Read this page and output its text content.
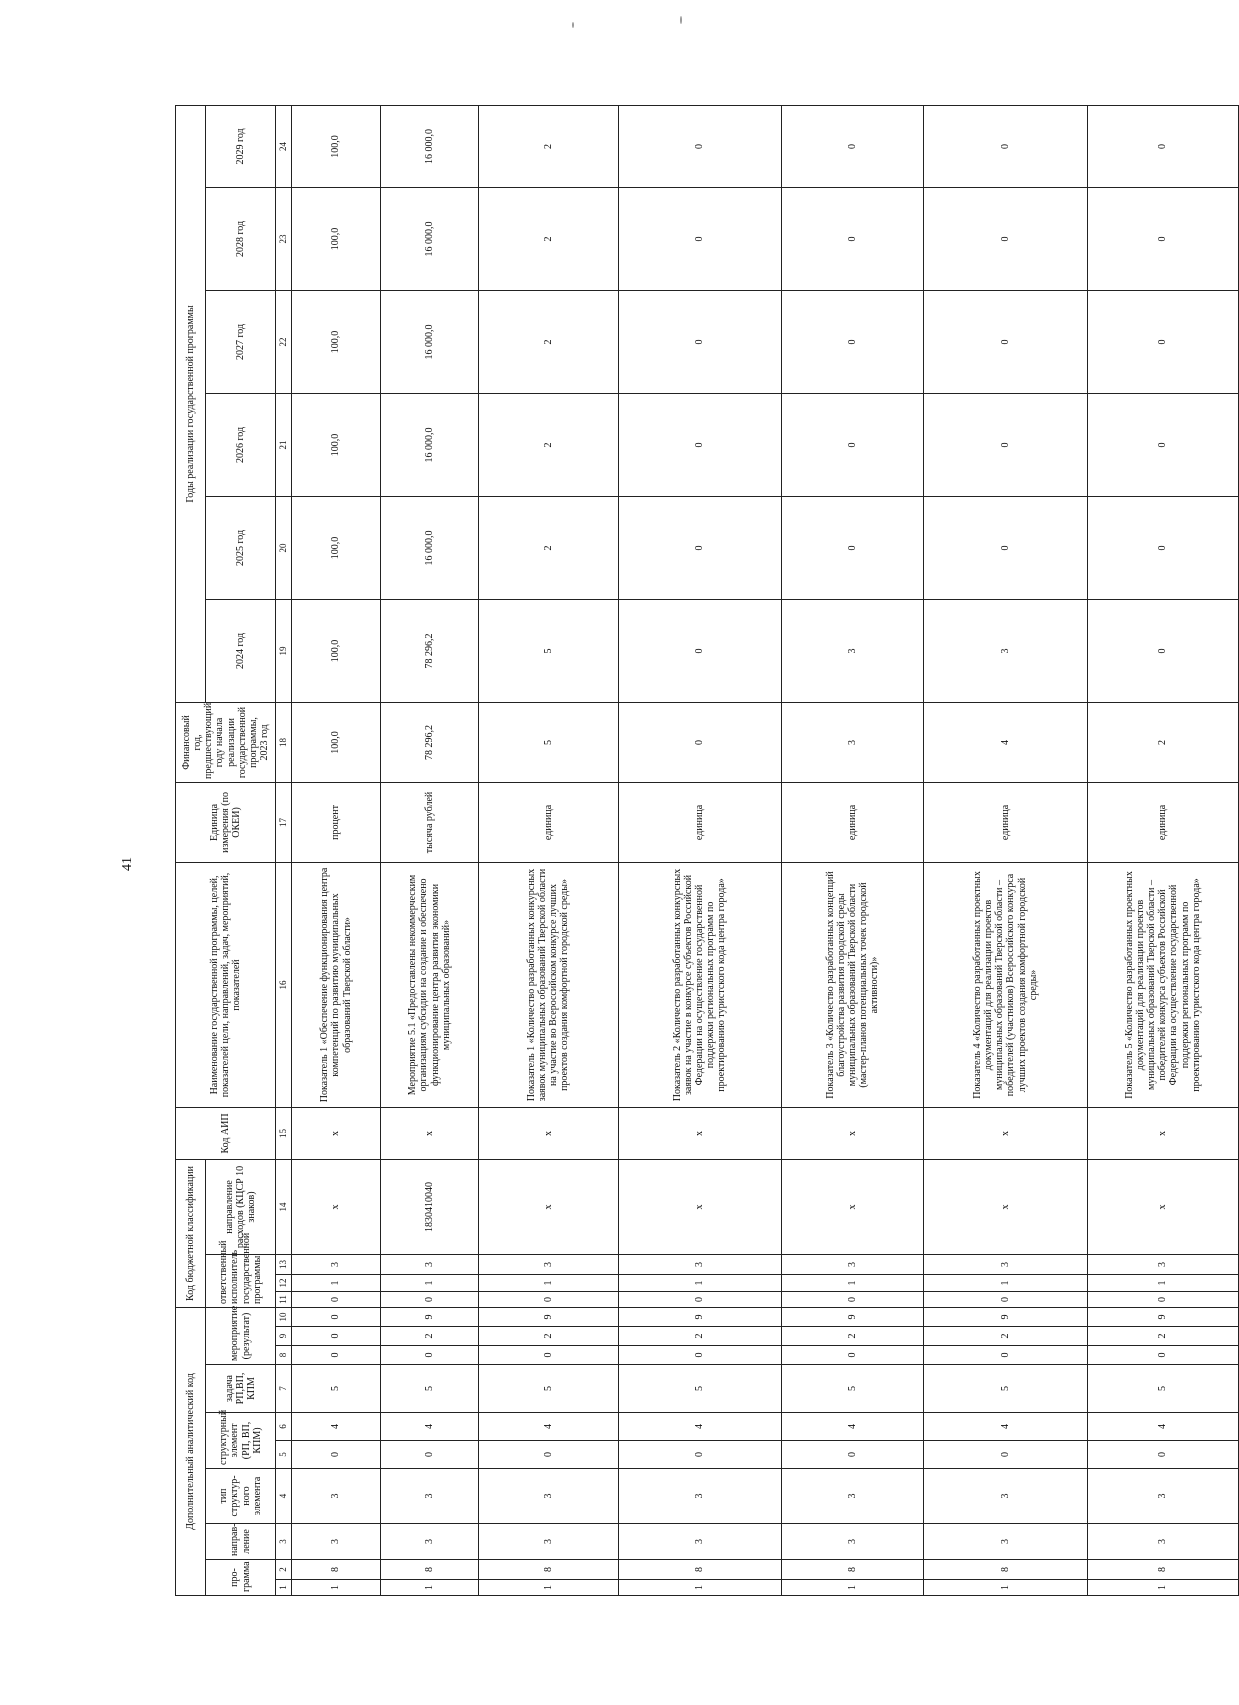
41
Дополнительный аналитический код										Код бюджетной классификации				Код АИП	Наименование государственной программы, целей, показателей цели, направлений, задач, мероприятий, показателей	Единица измерения (по ОКЕИ)	Финансовый год, предшествующий году начала реализации государственной программы, 2023 год	Годы реализации государственной программы					
про-грамма		направ-ление	тип структур-ного элемента	структурный элемент (РП, ВП, КПМ)		задача РП,ВП, КПМ	мероприятие (результат)			ответственный исполнитель государственной программы			направление расходов (КЦСР 10 знаков)					2024 год	2025 год	2026 год	2027 год	2028 год	2029 год
1	2	3	4	5	6	7	8	9	10	11	12	13	14	15	16	17	18	19	20	21	22	23	24
1	8	3	3	0	4	5	0	0	0	0	1	3	х	х	Показатель 1 «Обеспечение функционирования центра компетенций по развитию муниципальных образований Тверской области»	процент	100,0	100,0	100,0	100,0	100,0	100,0	100,0
1	8	3	3	0	4	5	0	2	9	0	1	3	1830410040	х	Мероприятие 5.1 «Предоставлены некоммерческим организациям субсидии на создание и обеспечено функционирование центра развития экономики муниципальных образований»	тысяча рублей	78 296,2	78 296,2	16 000,0	16 000,0	16 000,0	16 000,0	16 000,0
1	8	3	3	0	4	5	0	2	9	0	1	3	х	х	Показатель 1 «Количество разработанных конкурсных заявок муниципальных образований Тверской области на участие во Всероссийском конкурсе лучших проектов создания комфортной городской среды»	единица	5	5	2	2	2	2	2
1	8	3	3	0	4	5	0	2	9	0	1	3	х	х	Показатель 2 «Количество разработанных конкурсных заявок на участие в конкурсе субъектов Российской Федерации на осуществление государственной поддержки региональных программ по проектированию туристского кода центра города»	единица	0	0	0	0	0	0	0
1	8	3	3	0	4	5	0	2	9	0	1	3	х	х	Показатель 3 «Количество разработанных концепций благоустройства развития городской среды муниципальных образований Тверской области (мастер-планов потенциальных точек городской активности)»	единица	3	3	0	0	0	0	0
1	8	3	3	0	4	5	0	2	9	0	1	3	х	х	Показатель 4 «Количество разработанных проектных документаций для реализации проектов муниципальных образований Тверской области – победителей (участников) Всероссийского конкурса лучших проектов создания комфортной городской среды»	единица	4	3	0	0	0	0	0
1	8	3	3	0	4	5	0	2	9	0	1	3	х	х	Показатель 5 «Количество разработанных проектных документаций для реализации проектов муниципальных образований Тверской области – победителей конкурса субъектов Российской Федерации на осуществление государственной поддержки региональных программ по проектированию туристского кода центра города»	единица	2	0	0	0	0	0	0
